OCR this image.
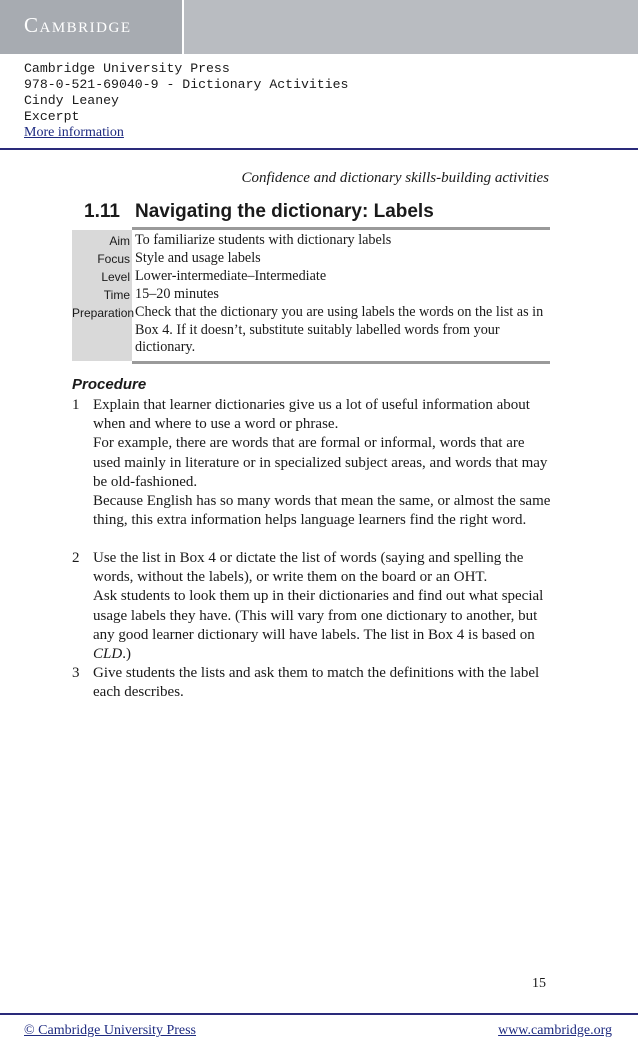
Cambridge
Cambridge University Press
978-0-521-69040-9 - Dictionary Activities
Cindy Leaney
Excerpt
More information
Confidence and dictionary skills-building activities
1.11 Navigating the dictionary: Labels
Aim To familiarize students with dictionary labels
Focus Style and usage labels
Level Lower-intermediate–Intermediate
Time 15–20 minutes
Preparation Check that the dictionary you are using labels the words on the list as in Box 4. If it doesn’t, substitute suitably labelled words from your dictionary.
Procedure
1 Explain that learner dictionaries give us a lot of useful information about when and where to use a word or phrase.

For example, there are words that are formal or informal, words that are used mainly in literature or in specialized subject areas, and words that may be old-fashioned.

Because English has so many words that mean the same, or almost the same thing, this extra information helps language learners find the right word.

2 Use the list in Box 4 or dictate the list of words (saying and spelling the words, without the labels), or write them on the board or an OHT.

Ask students to look them up in their dictionaries and find out what special usage labels they have. (This will vary from one dictionary to another, but any good learner dictionary will have labels. The list in Box 4 is based on CLD.)

3 Give students the lists and ask them to match the definitions with the label each describes.

15
© Cambridge University Press	www.cambridge.org
